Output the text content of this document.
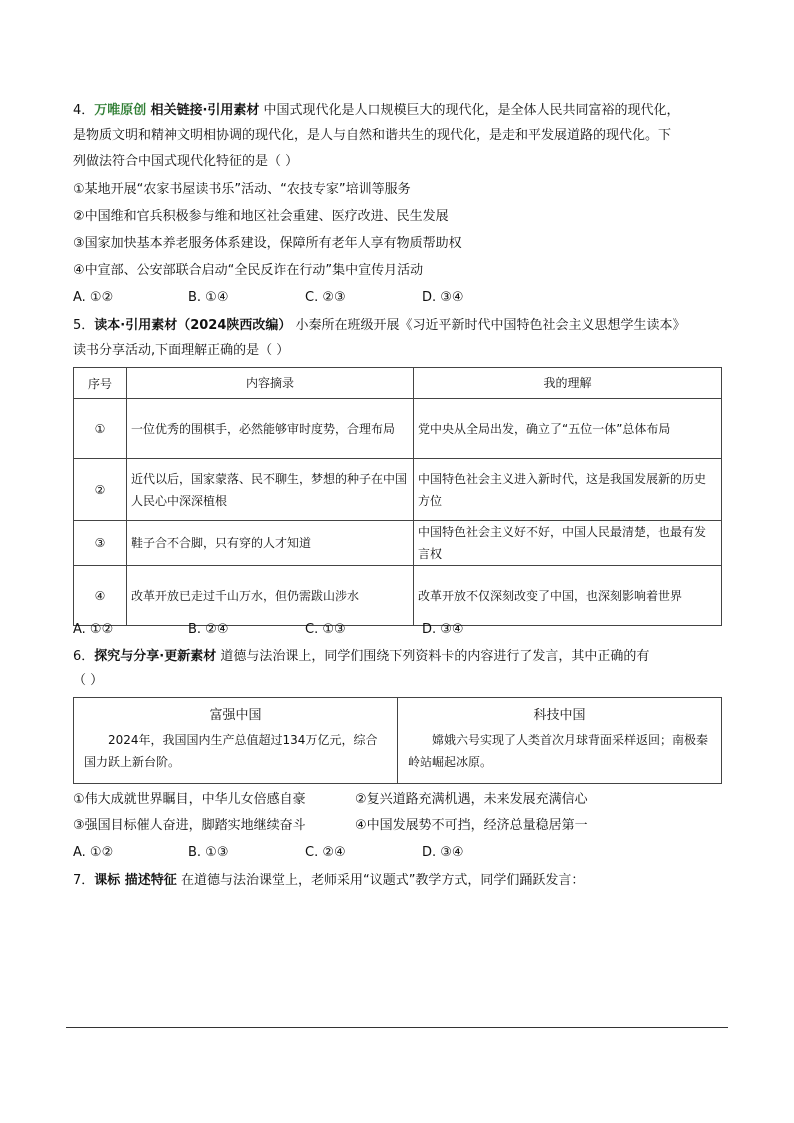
4．万唯原创 相关链接·引用素材 中国式现代化是人口规模巨大的现代化，是全体人民共同富裕的现代化，
是物质文明和精神文明相协调的现代化，是人与自然和谐共生的现代化，是走和平发展道路的现代化。下
列做法符合中国式现代化特征的是（ ）
①某地开展“农家书屋读书乐”活动、“农技专家”培训等服务
②中国维和官兵积极参与维和地区社会重建、医疗改进、民生发展
③国家加快基本养老服务体系建设，保障所有老年人享有物质帮助权
④中宣部、公安部联合启动“全民反诈在行动”集中宣传月活动
A. ①②	B. ①④	C. ②③	D. ③④
5．读本·引用素材（2024陕西改编） 小秦所在班级开展《习近平新时代中国特色社会主义思想学生读本》
读书分享活动,下面理解正确的是（ ）
序号	内容摘录	我的理解
①	一位优秀的围棋手，必然能够审时度势，合理布局	党中央从全局出发，确立了“五位一体”总体布局
②	近代以后，国家蒙落、民不聊生，梦想的种子在中国人民心中深深植根	中国特色社会主义进入新时代，这是我国发展新的历史方位
③	鞋子合不合脚，只有穿的人才知道	中国特色社会主义好不好，中国人民最清楚，也最有发言权
④	改革开放已走过千山万水，但仍需跋山涉水	改革开放不仅深刻改变了中国，也深刻影响着世界
A. ①②	B. ②④	C. ①③	D. ③④
6．探究与分享·更新素材 道德与法治课上，同学们围绕下列资料卡的内容进行了发言，其中正确的有
（ ）
富强中国
2024年，我国国内生产总值超过134万亿元，综合国力跃上新台阶。

科技中国
嫦娥六号实现了人类首次月球背面采样返回；南极秦岭站崛起冰原。
①伟大成就世界瞩目，中华儿女倍感自豪	②复兴道路充满机遇，未来发展充满信心
③强国目标催人奋进，脚踏实地继续奋斗	④中国发展势不可挡，经济总量稳居第一
A. ①②	B. ①③	C. ②④	D. ③④
7．课标 描述特征 在道德与法治课堂上，老师采用“议题式”教学方式，同学们踊跃发言：
